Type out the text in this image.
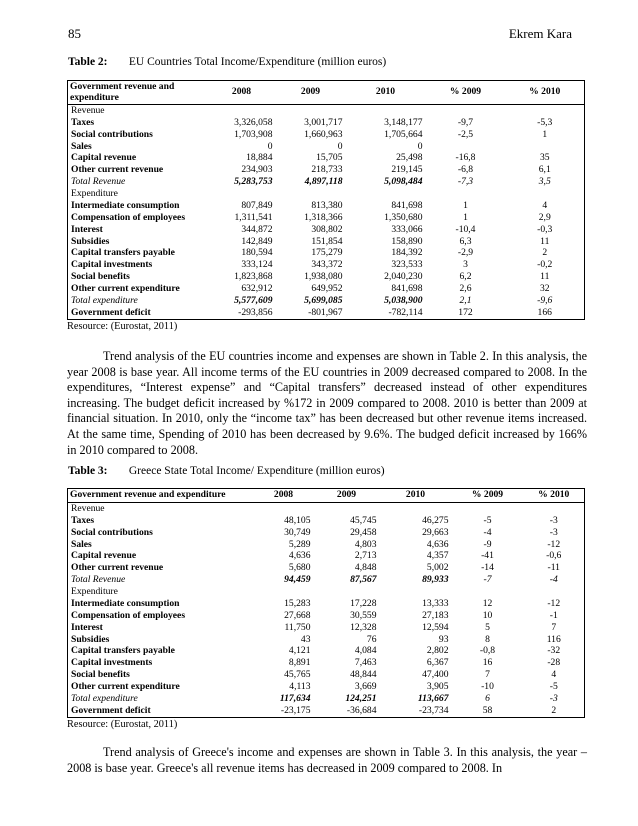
85	Ekrem Kara
Table 2: EU Countries Total Income/Expenditure (million euros)
Government revenue and expenditure	2008	2009	2010	% 2009	% 2010
Revenue					
Taxes	3,326,058	3,001,717	3,148,177	-9,7	-5,3
Social contributions	1,703,908	1,660,963	1,705,664	-2,5	1
Sales	0	0	0		
Capital revenue	18,884	15,705	25,498	-16,8	35
Other current revenue	234,903	218,733	219,145	-6,8	6,1
Total Revenue	5,283,753	4,897,118	5,098,484	-7,3	3,5
Expenditure					
Intermediate consumption	807,849	813,380	841,698	1	4
Compensation of employees	1,311,541	1,318,366	1,350,680	1	2,9
Interest	344,872	308,802	333,066	-10,4	-0,3
Subsidies	142,849	151,854	158,890	6,3	11
Capital transfers payable	180,594	175,279	184,392	-2,9	2
Capital investments	333,124	343,372	323,533	3	-0,2
Social benefits	1,823,868	1,938,080	2,040,230	6,2	11
Other current expenditure	632,912	649,952	841,698	2,6	32
Total expenditure	5,577,609	5,699,085	5,038,900	2,1	-9,6
Government deficit	-293,856	-801,967	-782,114	172	166
Resource: (Eurostat, 2011)

Trend analysis of the EU countries income and expenses are shown in Table 2. In this analysis, the year 2008 is base year. All income terms of the EU countries in 2009 decreased compared to 2008. In the expenditures, “Interest expense” and “Capital transfers” decreased instead of other expenditures increasing. The budget deficit increased by %172 in 2009 compared to 2008. 2010 is better than 2009 at financial situation. In 2010, only the “income tax” has been decreased but other revenue items increased. At the same time, Spending of 2010 has been decreased by 9.6%. The budged deficit increased by 166% in 2010 compared to 2008.

Table 3: Greece State Total Income/ Expenditure (million euros)
Government revenue and expenditure	2008	2009	2010	% 2009	% 2010
Revenue					
Taxes	48,105	45,745	46,275	-5	-3
Social contributions	30,749	29,458	29,663	-4	-3
Sales	5,289	4,803	4,636	-9	-12
Capital revenue	4,636	2,713	4,357	-41	-0,6
Other current revenue	5,680	4,848	5,002	-14	-11
Total Revenue	94,459	87,567	89,933	-7	-4
Expenditure					
Intermediate consumption	15,283	17,228	13,333	12	-12
Compensation of employees	27,668	30,559	27,183	10	-1
Interest	11,750	12,328	12,594	5	7
Subsidies	43	76	93	8	116
Capital transfers payable	4,121	4,084	2,802	-0,8	-32
Capital investments	8,891	7,463	6,367	16	-28
Social benefits	45,765	48,844	47,400	7	4
Other current expenditure	4,113	3,669	3,905	-10	-5
Total expenditure	117,634	124,251	113,667	6	-3
Government deficit	-23,175	-36,684	-23,734	58	2
Resource: (Eurostat, 2011)

Trend analysis of Greece's income and expenses are shown in Table 3. In this analysis, the year – 2008 is base year. Greece's all revenue items has decreased in 2009 compared to 2008. In
